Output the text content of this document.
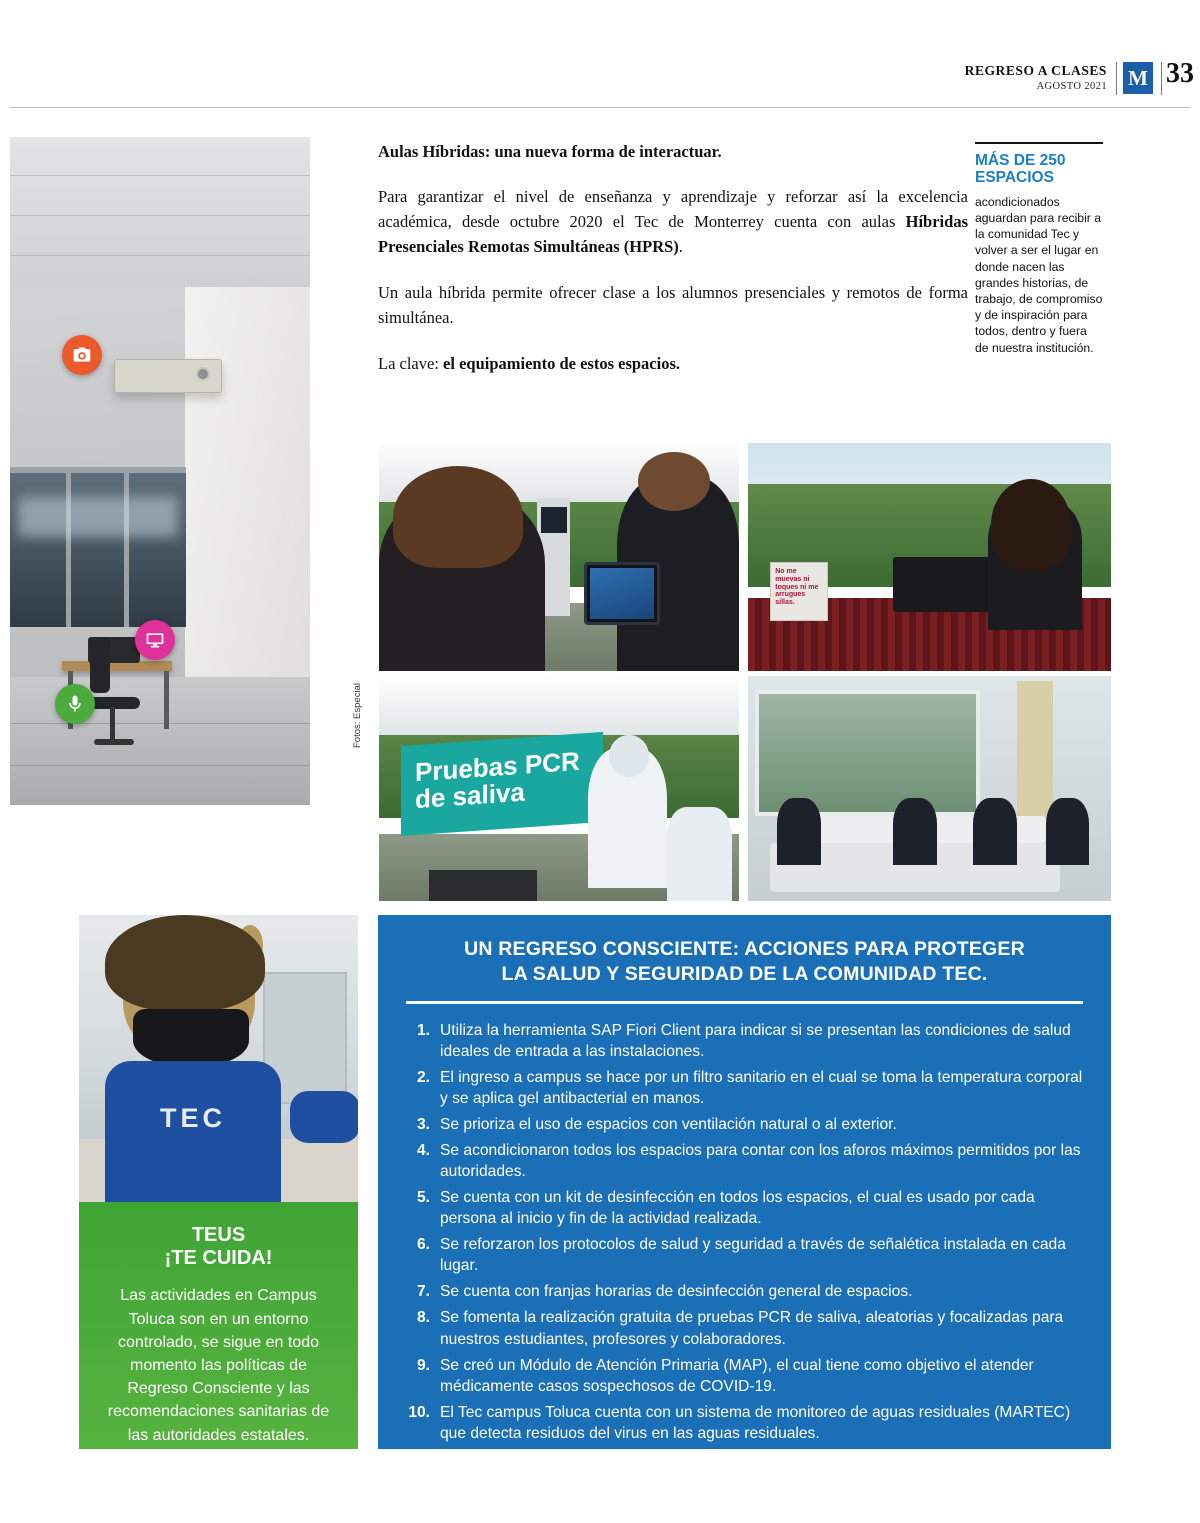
REGRESO A CLASES
AGOSTO 2021 M 33
Fotos: Especial

Aulas Híbridas: una nueva forma de interactuar.

Para garantizar el nivel de enseñanza y aprendizaje y reforzar así la excelencia académica, desde octubre 2020 el Tec de Monterrey cuenta con aulas Híbridas Presenciales Remotas Simultáneas (HPRS).

Un aula híbrida permite ofrecer clase a los alumnos presenciales y remotos de forma simultánea.

La clave: el equipamiento de estos espacios.

MÁS DE 250 ESPACIOS
acondicionados aguardan para recibir a la comunidad Tec y volver a ser el lugar en donde nacen las grandes historias, de trabajo, de compromiso y de inspiración para todos, dentro y fuera de nuestra institución.
No me muevas ni toques ni me arrugues sillas.
Pruebas PCR
de saliva
TEC
TEUS
¡TE CUIDA!
Las actividades en Campus Toluca son en un entorno controlado, se sigue en todo momento las políticas de Regreso Consciente y las recomendaciones sanitarias de las autoridades estatales.
UN REGRESO CONSCIENTE: ACCIONES PARA PROTEGER
LA SALUD Y SEGURIDAD DE LA COMUNIDAD TEC.
1. Utiliza la herramienta SAP Fiori Client para indicar si se presentan las condiciones de salud ideales de entrada a las instalaciones.
2. El ingreso a campus se hace por un filtro sanitario en el cual se toma la temperatura corporal y se aplica gel antibacterial en manos.
3. Se prioriza el uso de espacios con ventilación natural o al exterior.
4. Se acondicionaron todos los espacios para contar con los aforos máximos permitidos por las autoridades.
5. Se cuenta con un kit de desinfección en todos los espacios, el cual es usado por cada persona al inicio y fin de la actividad realizada.
6. Se reforzaron los protocolos de salud y seguridad a través de señalética instalada en cada lugar.
7. Se cuenta con franjas horarias de desinfección general de espacios.
8. Se fomenta la realización gratuita de pruebas PCR de saliva, aleatorias y focalizadas para nuestros estudiantes, profesores y colaboradores.
9. Se creó un Módulo de Atención Primaria (MAP), el cual tiene como objetivo el atender médicamente casos sospechosos de COVID-19.
10. El Tec campus Toluca cuenta con un sistema de monitoreo de aguas residuales (MARTEC) que detecta residuos del virus en las aguas residuales.
